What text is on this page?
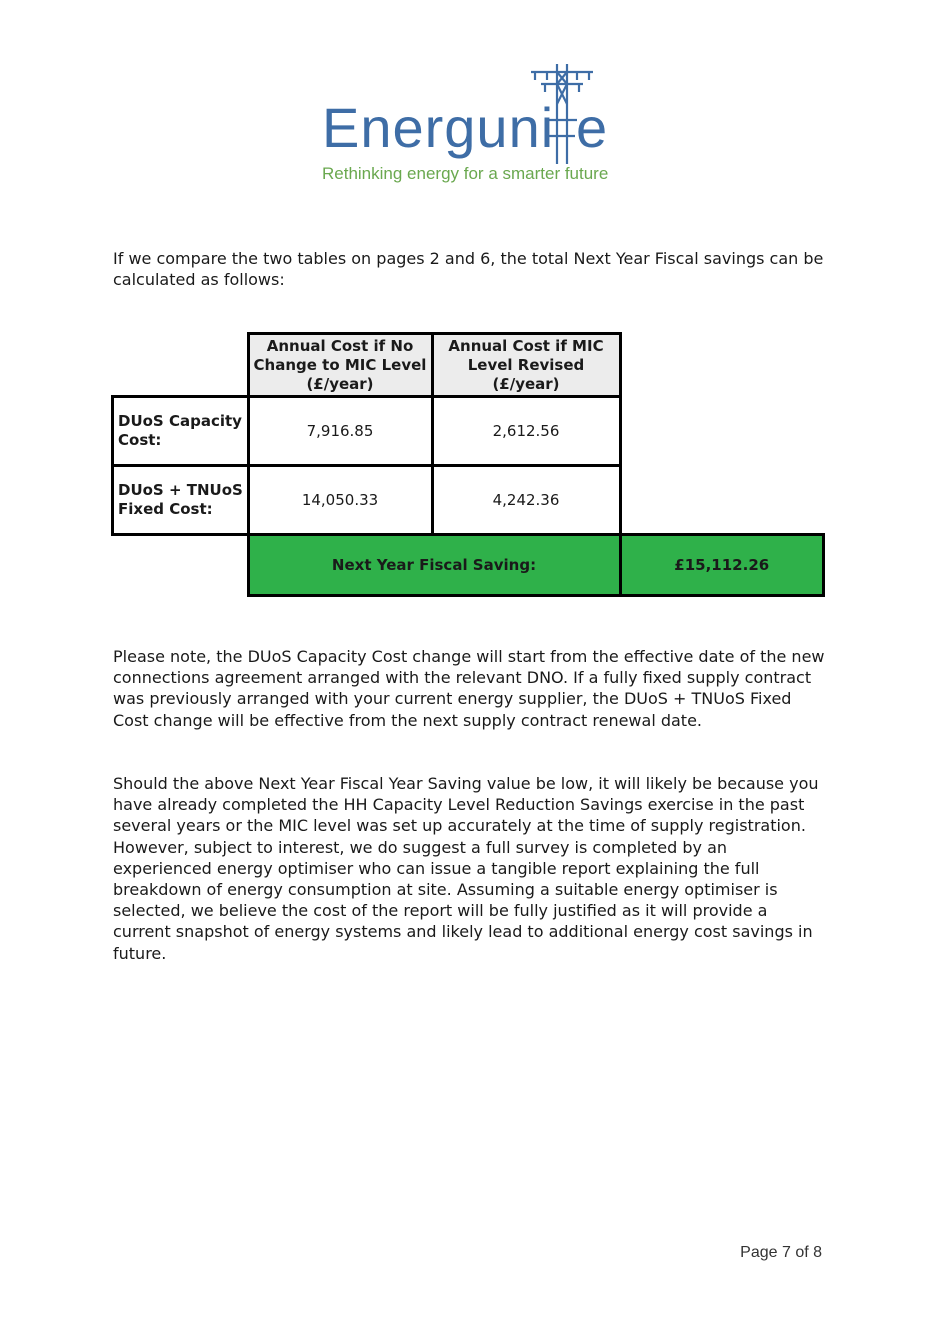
Energuni e
Rethinking energy for a smarter future

If we compare the two tables on pages 2 and 6, the total Next Year Fiscal savings can be calculated as follows:

	Annual Cost if No Change to MIC Level (£/year)	Annual Cost if MIC Level Revised (£/year)	
DUoS Capacity Cost:	7,916.85	2,612.56	
DUoS + TNUoS Fixed Cost:	14,050.33	4,242.36	
	Next Year Fiscal Saving:		£15,112.26

Please note, the DUoS Capacity Cost change will start from the effective date of the new connections agreement arranged with the relevant DNO. If a fully fixed supply contract was previously arranged with your current energy supplier, the DUoS + TNUoS Fixed Cost change will be effective from the next supply contract renewal date.

Should the above Next Year Fiscal Year Saving value be low, it will likely be because you have already completed the HH Capacity Level Reduction Savings exercise in the past several years or the MIC level was set up accurately at the time of supply registration. However, subject to interest, we do suggest a full survey is completed by an experienced energy optimiser who can issue a tangible report explaining the full breakdown of energy consumption at site. Assuming a suitable energy optimiser is selected, we believe the cost of the report will be fully justified as it will provide a current snapshot of energy systems and likely lead to additional energy cost savings in future.

Page 7 of 8
